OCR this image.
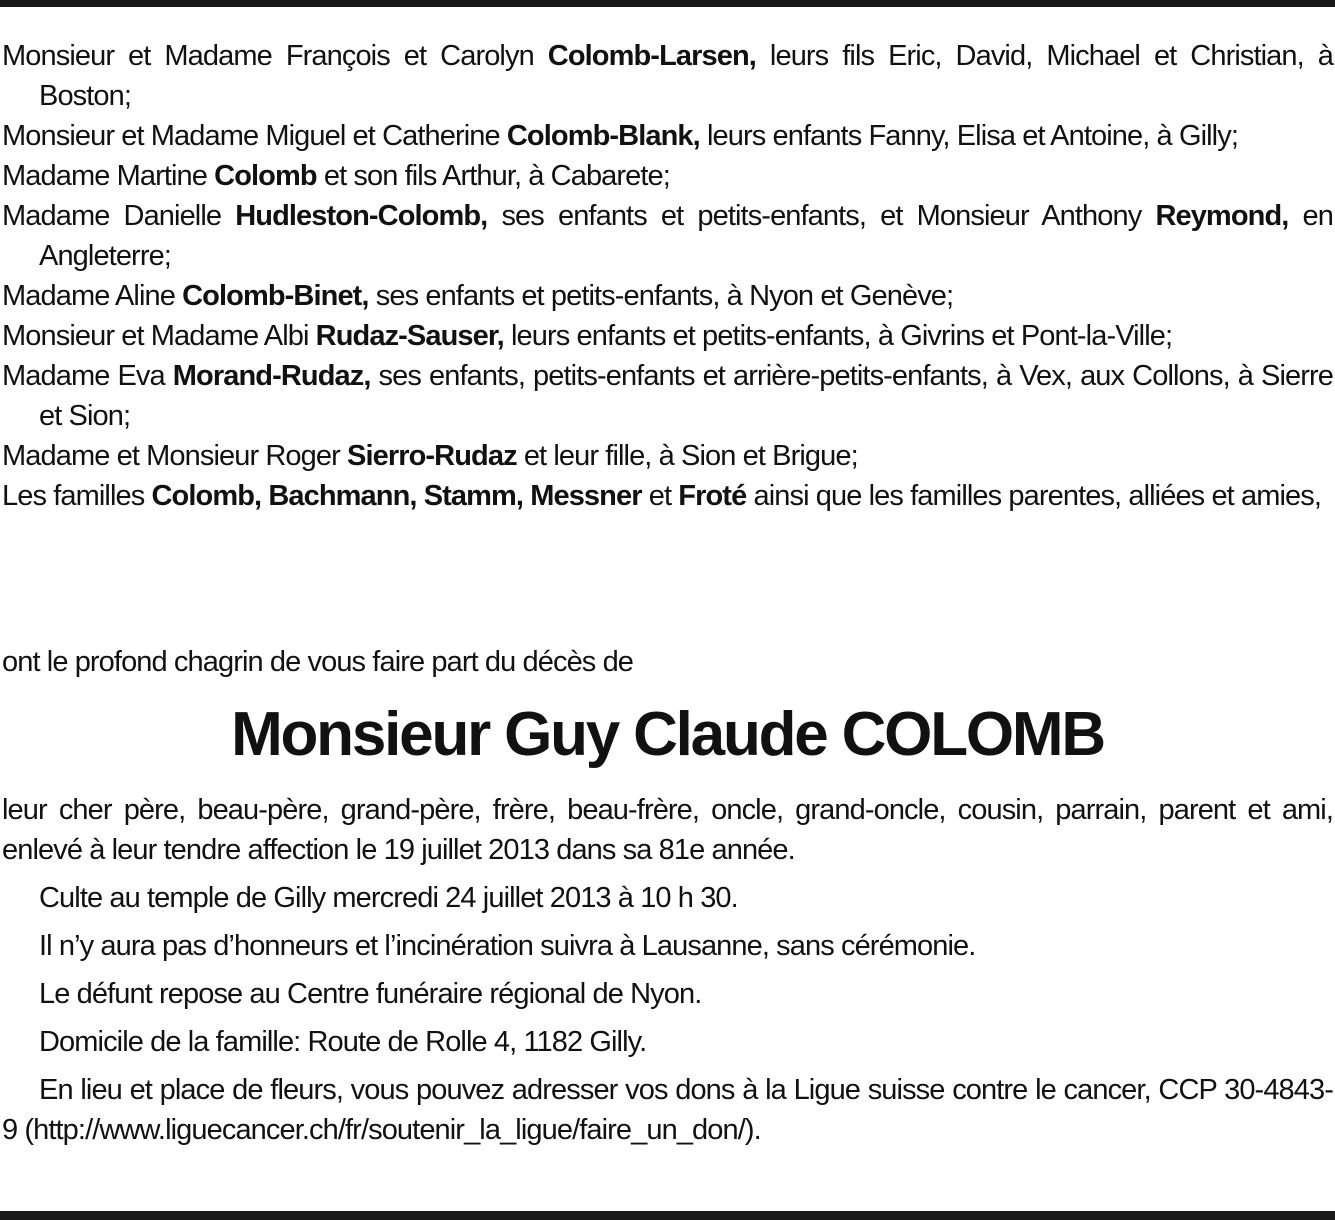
Monsieur et Madame François et Carolyn Colomb-Larsen, leurs fils Eric, David, Michael et Christian, à Boston;
Monsieur et Madame Miguel et Catherine Colomb-Blank, leurs enfants Fanny, Elisa et Antoine, à Gilly;
Madame Martine Colomb et son fils Arthur, à Cabarete;
Madame Danielle Hudleston-Colomb, ses enfants et petits-enfants, et Monsieur Anthony Reymond, en Angleterre;
Madame Aline Colomb-Binet, ses enfants et petits-enfants, à Nyon et Genève;
Monsieur et Madame Albi Rudaz-Sauser, leurs enfants et petits-enfants, à Givrins et Pont-la-Ville;
Madame Eva Morand-Rudaz, ses enfants, petits-enfants et arrière-petits-enfants, à Vex, aux Collons, à Sierre et Sion;
Madame et Monsieur Roger Sierro-Rudaz et leur fille, à Sion et Brigue;
Les familles Colomb, Bachmann, Stamm, Messner et Froté ainsi que les familles parentes, alliées et amies,

ont le profond chagrin de vous faire part du décès de

Monsieur Guy Claude COLOMB

leur cher père, beau-père, grand-père, frère, beau-frère, oncle, grand-oncle, cousin, parrain, parent et ami, enlevé à leur tendre affection le 19 juillet 2013 dans sa 81e année.

Culte au temple de Gilly mercredi 24 juillet 2013 à 10 h 30.

Il n’y aura pas d’honneurs et l’incinération suivra à Lausanne, sans cérémonie.

Le défunt repose au Centre funéraire régional de Nyon.

Domicile de la famille: Route de Rolle 4, 1182 Gilly.

En lieu et place de fleurs, vous pouvez adresser vos dons à la Ligue suisse contre le cancer, CCP 30-4843-9 (http://www.liguecancer.ch/fr/soutenir_la_ligue/faire_un_don/).
